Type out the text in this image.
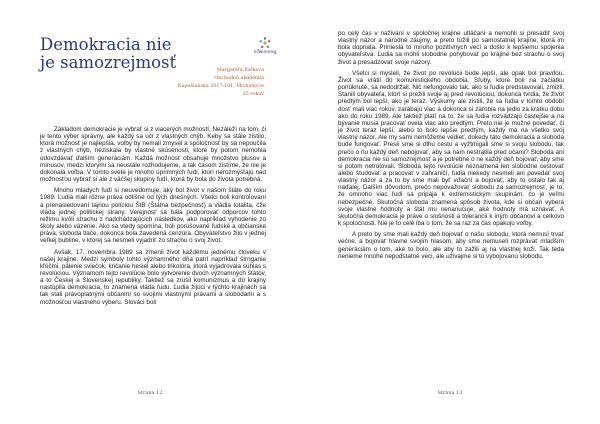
Demokracia nie
je samozrejmosť
eTwinning
Margaréta Pašková
Obchodná akadémia
Kapušianska 2017-101, Michalovce
15 rokov

Základom demokracie je vybrať si z viacerých možností. Nezáleží na tom, či je tento výber správny, ale každý sa učí z vlastných chýb. Keby sa stále zistilo, ktorá možnosť je najlepšia, volby by nemali zmysel a spoločnosť by sa nepoučila z vlastných chýb, neziskala by vlastné skúsenosti, ktoré by potom nemohla odovzdávať ďalším generáciám. Každá možnosť obsahuje množstvo plusov a mínusov, medzi ktorými sa neustále rozhodujeme, a tak časom zistíme, že nie je dokonalá voľba. V tomto svete je mnoho úprimných ľudí, ktorí nerozmýšľajú nad možnosťou vybrať si ale z väčšej skupiny ľudí, ktorá by bola do života potrebná.

Mnoho mladých ľudí si neuvedomuje, aký bol život v našom štáte do roku 1989. Ľudia mali rôzne práva odlišné od tých dnešných. Všetci boli kontrolovaní a prenasledovaní tajnou políciou ŠtB (Štátna bezpečnosť) a vládla totalita, čže vláda jednej politickej strany. Verejnosť sa bála podporovať odporcov tohto režimu kvôli strachu z nadchádzajúcich následkov, ako napríklad vyhodenie zo školy alebo väzenie. Ako sa vtedy spomína, boli porušované ľudské a občianske práva, sloboda tlače, dokonca bola zavedená cenzúra. Obyvateľstvo žilo v jednej veľkej bubline, v ktorej sa nesmeli vyjadriť zo strachu o svoj život.

Avšak, 17. novembra 1989 sa zmenil život každému jednému človeku v našej krajine. Medzi symboly tohto významného dňa patrí napríklad štrnganie kľúčmi, pálenie sviečok, kričanie hesiel alebo trikolóra, ktorá vyjadrovala súhlas s revolúciou. Významom tejto revolúcie bolo vytvorenie dvoch významných štátov, a to Českej a Slovenskej republiky. Taktiež sa zrušil komunizmus a do krajiny nastúpila demokracia, to znamená vláda ľudu. Ľudia žijúci v týchto krajinách sa tak stali právoplatnými občanmi so svojimi vlastnými právami a slobodami a s možnosťou vlastného výberu. Slováci boli

Strana 12

po celý čas v naživaní v spoločnej krajine utláčaní a nemohli si presadiť svoj vlastný názor a národné záujmy, a preto túžili po samostatnej krajine, ktorá im bola dopriata. Priniesla to mnoho pozitívnych vecí a došlo k lepšiemu spojenia obyvateľstva. Ľudia sa mohli slobodne pohybovať po krajine bez strachu o svoj život a presadzovať svoje názory.

Všetci si mysleli, že život po revolúcii bude lepší, ale opak bol pravdou. Život sa vrátil do komunistického obdobia. Sľuby, ktoré boli na začiatku ponúknuté, sa nedodržali. Nič nefungovalo tak, ako si ľudia predstavovali, zmizli. Stanili obyvateľa, ktorí si prežili svoje aj pred revolúciou, dokonca tvrdia, že život predtým bol lepší, ako je teraz. Výskumy ale zistili, že sa ľudia v tomto období dosť mali viac rokov, zarábajú viac a dokonca si zarobia na jedlo za krátku dobu ako do roku 1989. Ale taktiež platí na to, že sa ľudia rozvádzajú častejšie a na bývanie musia pracovať ovela viac ako predtým. Preto nie je možné povedať, či je život teraz lepší, alebo to bolo lepšie predtým, každý má na všetko svoj vlastný názor. Ale my sami nemôžeme vedieť, dokedy táto demokracia a sloboda bude fungovať. Presli sme si dlhú cestu a vyžtmigali sme si svoju slobodu, tak prečo o ňu každý deň nebojovať, aby sa nám nestratila pred očami? Sloboda ani demokracia nie sú samozrejmosť a je potrebné o ne každý deň bojovať, aby sme si potom netrúlovali. Sloboda tejto revolúcie neznamená len slobodne cestovať alebo študovať a pracovať v zahraničí, ľudia niekedy nesmeli ani povedať svoj vlastný názor a za to by sme mali byť vďační a bojovať, aby to ostalo tak aj naďalej. Dalším dôvodom, prečo nepovažovať slobodu za samozrejmosť, je to, že omnoho viac ľudí sa pripája k extrémistickým skupinám, čo je veľmi nebezpečné. Skutočná sloboda znamená spôsob života, kde si občan vyberá svoje vlastné hodnoty a štát mu nenanucuje, aké hodnoty má uznávať. A skutočná demokracia je práve o slušnosti a tolerancii k iným občanovi a celkovo k spoločnosti. Nie je to celé iba o tom, že sa raz za čas opakujú voľby.

A preto by sme mali každý deň bojovať o našu slobodu, ktorá nemusí trvať večne, a bojovať hlavne svojím hlasom, aby sme nemuseli rozprávať mladším generáciám o tom, aké to bolo, ale aby to zažili aj na vlastnej koži. Tak teda nenieme mnohé nepodstatné veci, ale uživajme si tú vybojovanú slobodu.

Strana 13
